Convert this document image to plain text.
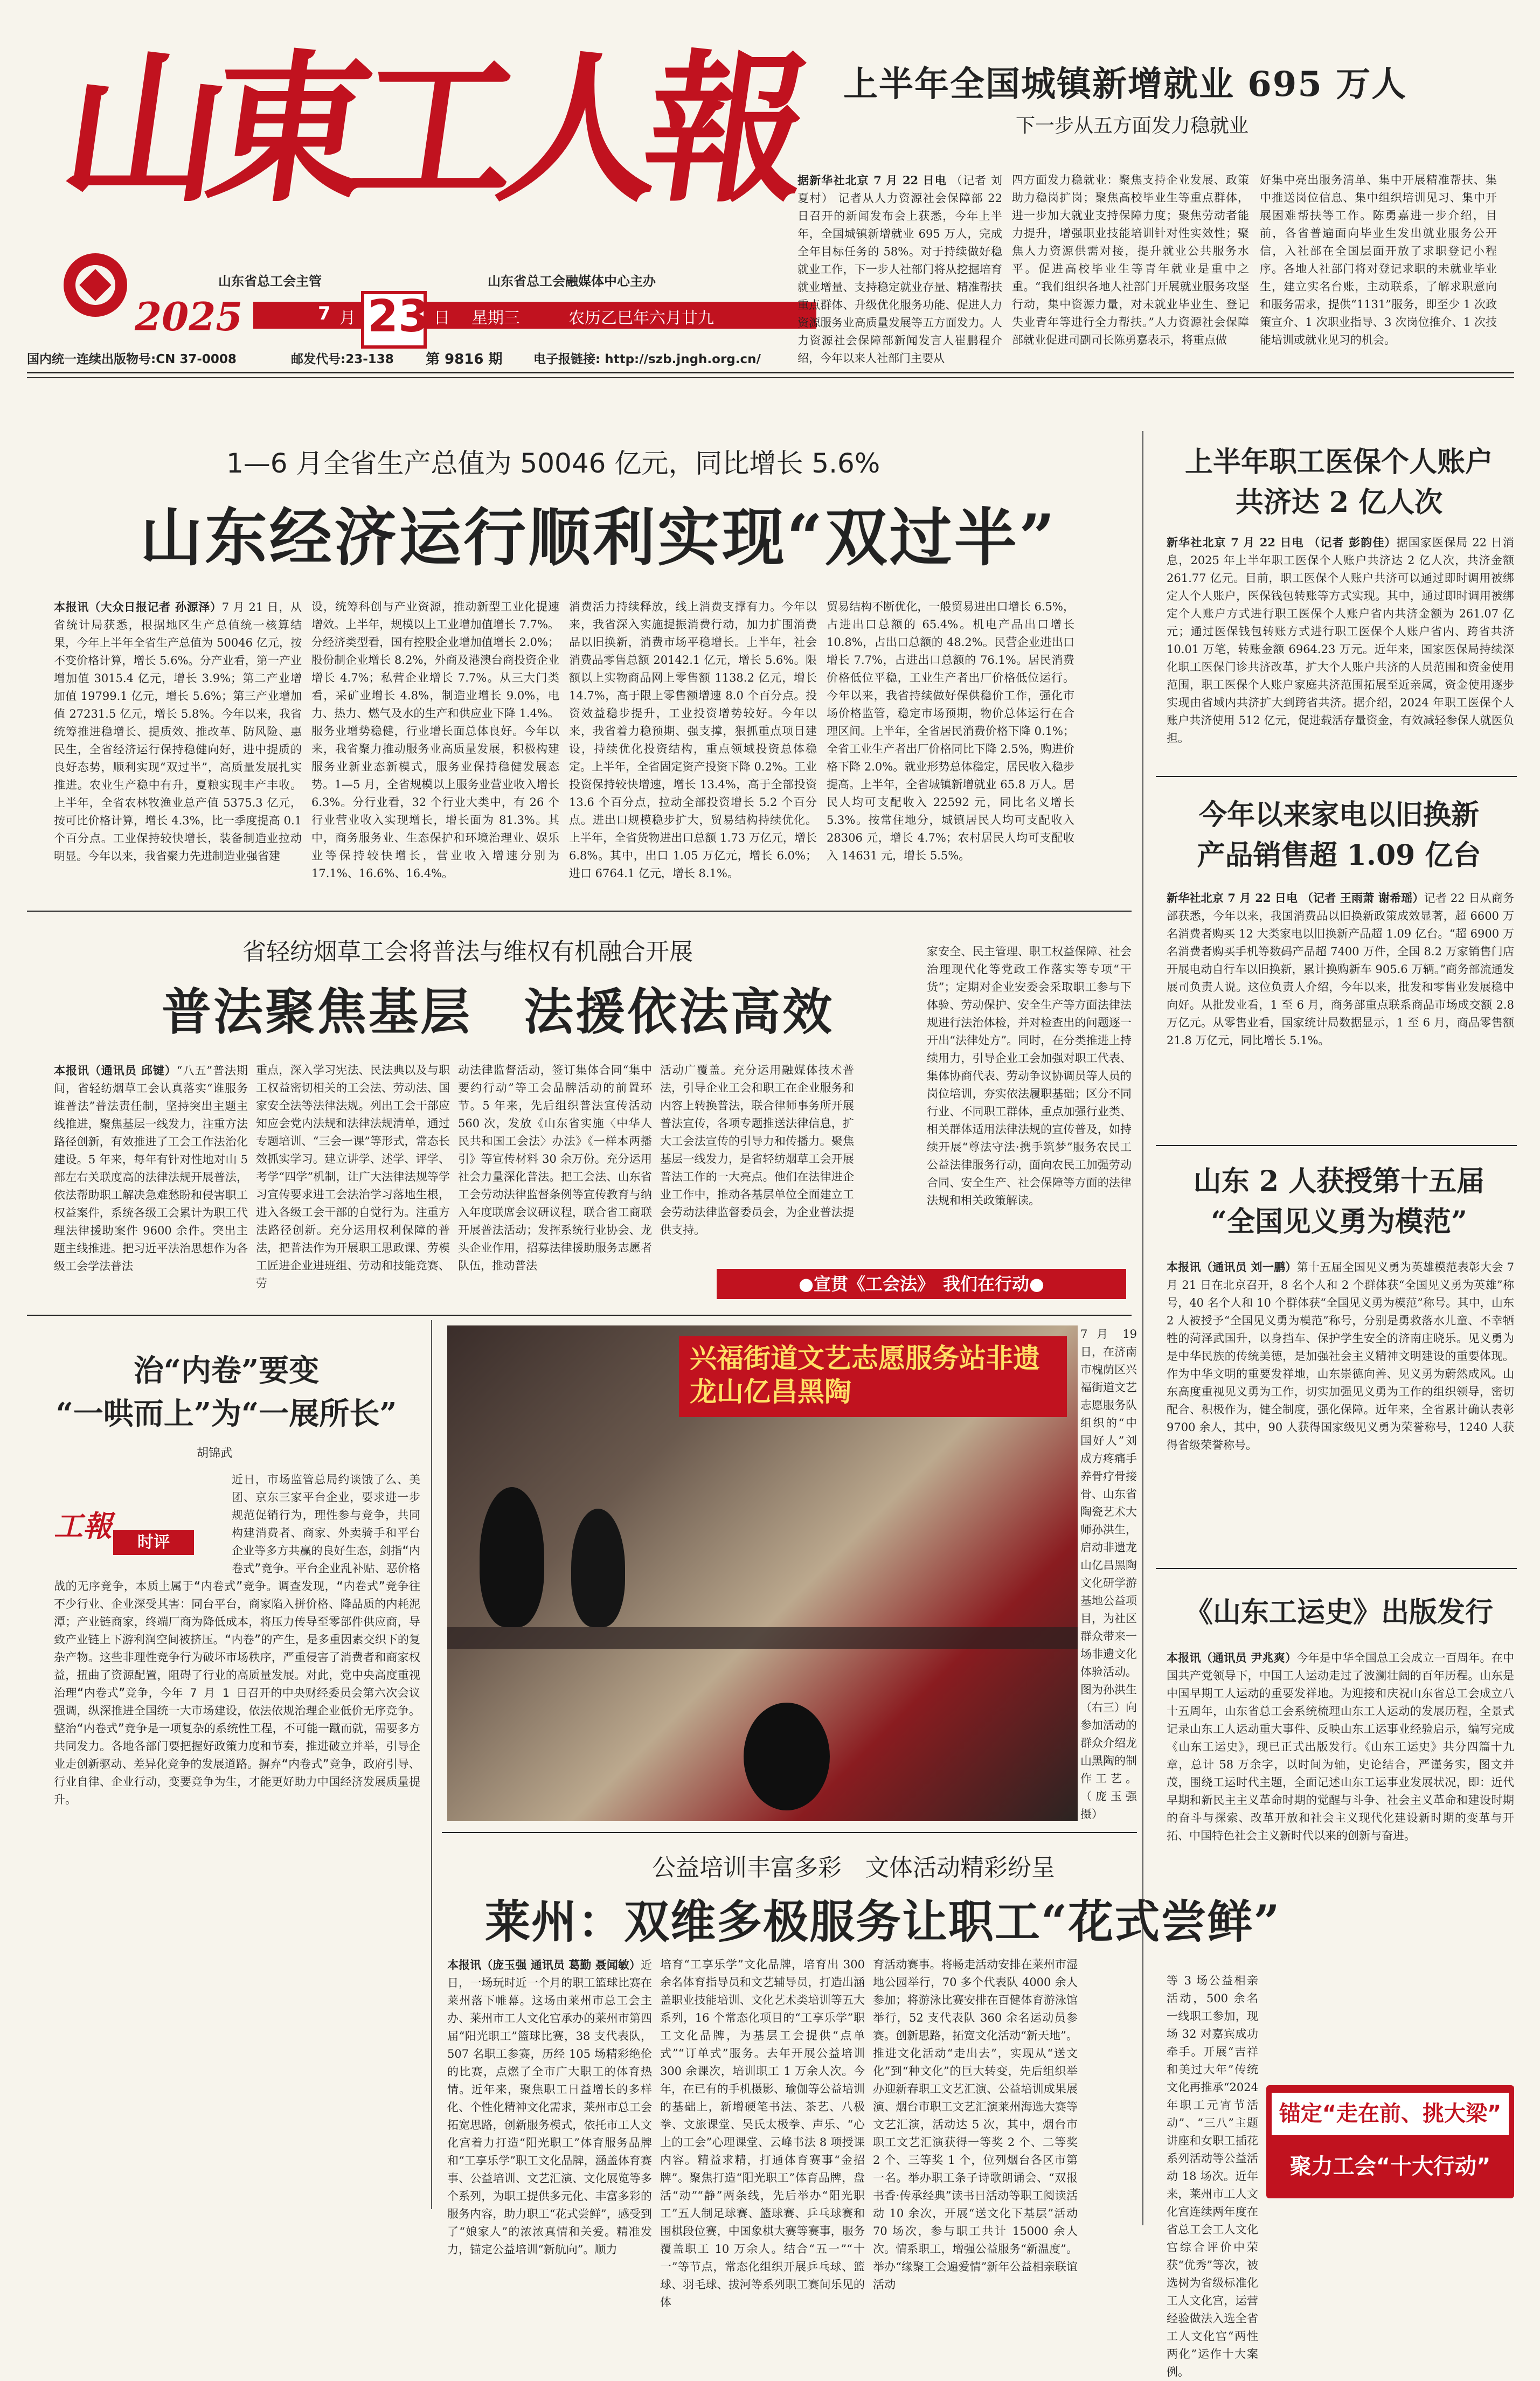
山東工人報
山东省总工会主管	山东省总工会融媒体中心主办
2025	7 月 23 日 星期三	农历乙巳年六月廿九
国内统一连续出版物号:CN 37-0008	邮发代号:23-138 第 9816 期	电子报链接: http://szb.jngh.org.cn/
上半年全国城镇新增就业 695 万人
下一步从五方面发力稳就业

据新华社北京 7 月 22 日电 （记者 刘夏村） 记者从人力资源社会保障部 22 日召开的新闻发布会上获悉，今年上半年，全国城镇新增就业 695 万人，完成全年目标任务的 58%。对于持续做好稳就业工作，下一步人社部门将从挖掘培育就业增量、支持稳定就业存量、精准帮扶重点群体、升级优化服务功能、促进人力资源服务业高质量发展等五方面发力。人力资源社会保障部新闻发言人崔鹏程介绍，今年以来人社部门主要从

四方面发力稳就业：聚焦支持企业发展、政策助力稳岗扩岗；聚焦高校毕业生等重点群体，进一步加大就业支持保障力度；聚焦劳动者能力提升，增强职业技能培训针对性实效性；聚焦人力资源供需对接，提升就业公共服务水平。促进高校毕业生等青年就业是重中之重。“我们组织各地人社部门开展就业服务攻坚行动，集中资源力量，对未就业毕业生、登记失业青年等进行全力帮扶。”人力资源社会保障部就业促进司副司长陈勇嘉表示，将重点做
好集中亮出服务清单、集中开展精准帮扶、集中推送岗位信息、集中组织培训见习、集中开展困难帮扶等工作。陈勇嘉进一步介绍，目前，各省普遍面向毕业生发出就业服务公开信，入社部在全国层面开放了求职登记小程序。各地人社部门将对登记求职的未就业毕业生，建立实名台账，主动联系，了解求职意向和服务需求，提供“1131”服务，即至少 1 次政策宣介、1 次职业指导、3 次岗位推介、1 次技能培训或就业见习的机会。
1—6 月全省生产总值为 50046 亿元，同比增长 5.6%
山东经济运行顺利实现“双过半”

本报讯（大众日报记者 孙源泽）7 月 21 日，从省统计局获悉，根据地区生产总值统一核算结果，今年上半年全省生产总值为 50046 亿元，按不变价格计算，增长 5.6%。分产业看，第一产业增加值 3015.4 亿元，增长 3.9%；第二产业增加值 19799.1 亿元，增长 5.6%；第三产业增加值 27231.5 亿元，增长 5.8%。今年以来，我省统筹推进稳增长、提质效、推改革、防风险、惠民生，全省经济运行保持稳健向好，进中提质的良好态势，顺利实现“双过半”，高质量发展扎实推进。农业生产稳中有升，夏粮实现丰产丰收。上半年，全省农林牧渔业总产值 5375.3 亿元，按可比价格计算，增长 4.3%，比一季度提高 0.1 个百分点。工业保持较快增长，装备制造业拉动明显。今年以来，我省聚力先进制造业强省建

设，统筹科创与产业资源，推动新型工业化提速增效。上半年，规模以上工业增加值增长 7.7%。分经济类型看，国有控股企业增加值增长 2.0%；股份制企业增长 8.2%，外商及港澳台商投资企业增长 4.7%；私营企业增长 7.7%。从三大门类看，采矿业增长 4.8%，制造业增长 9.0%，电力、热力、燃气及水的生产和供应业下降 1.4%。服务业增势稳健，行业增长面总体良好。今年以来，我省聚力推动服务业高质量发展，积极构建服务业新业态新模式，服务业保持稳健发展态势。1—5 月，全省规模以上服务业营业收入增长 6.3%。分行业看，32 个行业大类中，有 26 个行业营业收入实现增长，增长面为 81.3%。其中，商务服务业、生态保护和环境治理业、娱乐业等保持较快增长，营业收入增速分别为 17.1%、16.6%、16.4%。
消费活力持续释放，线上消费支撑有力。今年以来，我省深入实施提振消费行动，加力扩围消费品以旧换新，消费市场平稳增长。上半年，社会消费品零售总额 20142.1 亿元，增长 5.6%。限额以上实物商品网上零售额 1138.2 亿元，增长 14.7%，高于限上零售额增速 8.0 个百分点。投资效益稳步提升，工业投资增势较好。今年以来，我省着力稳预期、强支撑，狠抓重点项目建设，持续优化投资结构，重点领域投资总体稳定。上半年，全省固定资产投资下降 0.2%。工业投资保持较快增速，增长 13.4%，高于全部投资 13.6 个百分点，拉动全部投资增长 5.2 个百分点。进出口规模稳步扩大，贸易结构持续优化。上半年，全省货物进出口总额 1.73 万亿元，增长 6.8%。其中，出口 1.05 万亿元，增长 6.0%；进口 6764.1 亿元，增长 8.1%。
贸易结构不断优化，一般贸易进出口增长 6.5%，占进出口总额的 65.4%。机电产品出口增长 10.8%，占出口总额的 48.2%。民营企业进出口增长 7.7%，占进出口总额的 76.1%。居民消费价格低位平稳，工业生产者出厂价格低位运行。今年以来，我省持续做好保供稳价工作，强化市场价格监管，稳定市场预期，物价总体运行在合理区间。上半年，全省居民消费价格下降 0.1%；全省工业生产者出厂价格同比下降 2.5%，购进价格下降 2.0%。就业形势总体稳定，居民收入稳步提高。上半年，全省城镇新增就业 65.8 万人。居民人均可支配收入 22592 元，同比名义增长 5.3%。按常住地分，城镇居民人均可支配收入 28306 元，增长 4.7%；农村居民人均可支配收入 14631 元，增长 5.5%。
上半年职工医保个人账户
共济达 2 亿人次

新华社北京 7 月 22 日电 （记者 彭韵佳）据国家医保局 22 日消息，2025 年上半年职工医保个人账户共济达 2 亿人次，共济金额 261.77 亿元。目前，职工医保个人账户共济可以通过即时调用被绑定人个人账户，医保钱包转账等方式实现。其中，通过即时调用被绑定个人账户方式进行职工医保个人账户省内共济金额为 261.07 亿元；通过医保钱包转账方式进行职工医保个人账户省内、跨省共济 10.01 万笔，转账金额 6964.23 万元。近年来，国家医保局持续深化职工医保门诊共济改革，扩大个人账户共济的人员范围和资金使用范围，职工医保个人账户家庭共济范围拓展至近亲属，资金使用逐步实现由省域内共济扩大到跨省共济。据介绍，2024 年职工医保个人账户共济使用 512 亿元，促进载活存量资金，有效减轻参保人就医负担。

今年以来家电以旧换新
产品销售超 1.09 亿台

新华社北京 7 月 22 日电 （记者 王雨萧 谢希瑶）记者 22 日从商务部获悉，今年以来，我国消费品以旧换新政策成效显著，超 6600 万名消费者购买 12 大类家电以旧换新产品超 1.09 亿台。“超 6900 万名消费者购买手机等数码产品超 7400 万件，全国 8.2 万家销售门店开展电动自行车以旧换新，累计换购新车 905.6 万辆。”商务部流通发展司负责人说。这位负责人介绍，今年以来，批发和零售业发展稳中向好。从批发业看，1 至 6 月，商务部重点联系商品市场成交额 2.8 万亿元。从零售业看，国家统计局数据显示，1 至 6 月，商品零售额 21.8 万亿元，同比增长 5.1%。

山东 2 人获授第十五届
“全国见义勇为模范”

本报讯（通讯员 刘一鹏）第十五届全国见义勇为英雄模范表彰大会 7 月 21 日在北京召开，8 名个人和 2 个群体获“全国见义勇为英雄”称号，40 名个人和 10 个群体获“全国见义勇为模范”称号。其中，山东 2 人被授予“全国见义勇为模范”称号，分别是勇救落水儿童、不幸牺牲的菏泽武国升，以身挡车、保护学生安全的济南庄晓乐。见义勇为是中华民族的传统美德，是加强社会主义精神文明建设的重要体现。作为中华文明的重要发祥地，山东崇德向善、见义勇为蔚然成风。山东高度重视见义勇为工作，切实加强见义勇为工作的组织领导，密切配合、积极作为，健全制度，强化保障。近年来，全省累计确认表彰 9700 余人，其中，90 人获得国家级见义勇为荣誉称号，1240 人获得省级荣誉称号。

《山东工运史》出版发行

本报讯（通讯员 尹兆爽）今年是中华全国总工会成立一百周年。在中国共产党领导下，中国工人运动走过了波澜壮阔的百年历程。山东是中国早期工人运动的重要发祥地。为迎接和庆祝山东省总工会成立八十五周年，山东省总工会系统梳理山东工人运动的发展历程，全景式记录山东工人运动重大事件、反映山东工运事业经验启示，编写完成《山东工运史》，现已正式出版发行。《山东工运史》共分四篇十九章，总计 58 万余字，以时间为轴，史论结合，严谨务实，图文并茂，围绕工运时代主题，全面记述山东工运事业发展状况，即：近代早期和新民主主义革命时期的觉醒与斗争、社会主义革命和建设时期的奋斗与探索、改革开放和社会主义现代化建设新时期的变革与开拓、中国特色社会主义新时代以来的创新与奋进。

锚定“走在前、挑大梁”
聚力工会“十大行动”
省轻纺烟草工会将普法与维权有机融合开展
普法聚焦基层　法援依法高效

本报讯（通讯员 邱键）“八五”普法期间，省轻纺烟草工会认真落实“谁服务谁普法”普法责任制，坚持突出主题主线推进，聚焦基层一线发力，注重方法路径创新，有效推进了工会工作法治化建设。5 年来，每年有针对性地对山 5 部左右关联度高的法律法规开展普法，依法帮助职工解决急难愁盼和侵害职工权益案件，系统各级工会累计为职工代理法律援助案件 9600 余件。突出主题主线推进。把习近平法治思想作为各级工会学法普法

重点，深入学习宪法、民法典以及与职工权益密切相关的工会法、劳动法、国家安全法等法律法规。列出工会干部应知应会党内法规和法律法规清单，通过专题培训、“三会一课”等形式，常态长效抓实学习。建立讲学、述学、评学、考学“四学”机制，让广大法律法规等学习宣传要求进工会法治学习落地生根，进入各级工会干部的自觉行为。注重方法路径创新。充分运用权利保障的普法，把普法作为开展职工思政课、劳模工匠进企业进班组、劳动和技能竞赛、劳
动法律监督活动，签订集体合同“集中要约行动”等工会品牌活动的前置环节。5 年来，先后组织普法宣传活动 560 次，发放《山东省实施〈中华人民共和国工会法〉办法》《一样本两播引》等宣传材料 30 余万份。充分运用社会力量深化普法。把工会法、山东省工会劳动法律监督条例等宣传教育与纳入年度联席会议研议程，联合省工商联开展普法活动；发挥系统行业协会、龙头企业作用，招募法律援助服务志愿者队伍，推动普法
活动广覆盖。充分运用融媒体技术普法，引导企业工会和职工在企业服务和内容上转换普法，联合律师事务所开展普法宣传，各项专题推送法律信息，扩大工会法宣传的引导力和传播力。聚焦基层一线发力，是省轻纺烟草工会开展普法工作的一大亮点。他们在法律进企业工作中，推动各基层单位全面建立工会劳动法律监督委员会，为企业普法提供支持。
家安全、民主管理、职工权益保障、社会治理现代化等党政工作落实等专项“干货”；定期对企业安委会采取职工参与下体验、劳动保护、安全生产等方面法律法规进行法治体检，并对检查出的问题逐一开出“法律处方”。同时，在分类推进上持续用力，引导企业工会加强对职工代表、集体协商代表、劳动争议协调员等人员的岗位培训，夯实依法履职基础；区分不同行业、不同职工群体，重点加强行业类、相关群体适用法律法规的宣传普及，如持续开展“尊法守法·携手筑梦”服务农民工公益法律服务行动，面向农民工加强劳动合同、安全生产、社会保障等方面的法律法规和相关政策解读。
●宣贯《工会法》　我们在行动●
治“内卷”要变
“一哄而上”为“一展所长”
胡锦武
工報	时评
近日，市场监管总局约谈饿了么、美团、京东三家平台企业，要求进一步规范促销行为，理性参与竞争，共同构建消费者、商家、外卖骑手和平台企业等多方共赢的良好生态，剑指“内卷式”竞争。平台企业乱补贴、恶价格战的无序竞争，本质上属于“内卷式”竞争。调查发现，“内卷式”竞争往不少行业、企业深受其害：同台平台，商家陷入拼价格、降品质的内耗泥潭；产业链商家，终端厂商为降低成本，将压力传导至零部件供应商，导致产业链上下游利润空间被挤压。“内卷”的产生，是多重因素交织下的复杂产物。这些非理性竞争行为破坏市场秩序，严重侵害了消费者和商家权益，扭曲了资源配置，阻碍了行业的高质量发展。对此，党中央高度重视治理“内卷式”竞争，今年 7 月 1 日召开的中央财经委员会第六次会议强调，纵深推进全国统一大市场建设，依法依规治理企业低价无序竞争。整治“内卷式”竞争是一项复杂的系统性工程，不可能一蹴而就，需要多方共同发力。各地各部门要把握好政策力度和节奏，推进破立并举，引导企业走创新驱动、差异化竞争的发展道路。摒弃“内卷式”竞争，政府引导、行业自律、企业行动，变要竞争为生，才能更好助力中国经济发展质量提升。
兴福街道文艺志愿服务站非遗龙山亿昌黑陶
7 月 19 日，在济南市槐荫区兴福街道文艺志愿服务队组织的“中国好人”刘成方疼痛手养骨疗骨接骨、山东省陶瓷艺术大师孙洪生，启动非遗龙山亿昌黑陶文化研学游基地公益项目，为社区群众带来一场非遗文化体验活动。图为孙洪生（右三）向参加活动的群众介绍龙山黑陶的制作工艺。 （庞玉强 摄）
公益培训丰富多彩　文体活动精彩纷呈
莱州：双维多极服务让职工“花式尝鲜”

本报讯（庞玉强 通讯员 葛勤 聂闻敏）近日，一场玩时近一个月的职工篮球比赛在莱州落下帷幕。这场由莱州市总工会主办、莱州市工人文化宫承办的莱州市第四届“阳光职工”篮球比赛，38 支代表队，507 名职工参赛，历经 105 场精彩绝伦的比赛，点燃了全市广大职工的体育热情。近年来，聚焦职工日益增长的多样化、个性化精神文化需求，莱州市总工会拓宽思路，创新服务模式，依托市工人文化宫着力打造“阳光职工”体育服务品牌和“工享乐学”职工文化品牌，涵盖体育赛事、公益培训、文艺汇演、文化展览等多个系列，为职工提供多元化、丰富多彩的服务内容，助力职工“花式尝鲜”，感受到了“娘家人”的浓浓真情和关爱。精准发力，锚定公益培训“新航向”。顺力

培育“工享乐学”文化品牌，培育出 300 余名体育指导员和文艺辅导员，打造出涵盖职业技能培训、文化艺术类培训等五大系列，16 个常态化项目的“工享乐学”职工文化品牌，为基层工会提供“点单式”“订单式”服务。去年开展公益培训 300 余课次，培训职工 1 万余人次。今年，在已有的手机摄影、瑜伽等公益培训的基础上，新增硬笔书法、茶艺、八极拳、文旅课堂、吴氏太极拳、声乐、“心上的工会”心理课堂、云峰书法 8 项授课内容。精益求精，打通体育赛事“金招牌”。聚焦打造“阳光职工”体育品牌，盘活“动”“静”两条线，先后举办“阳光职工”五人制足球赛、篮球赛、乒乓球赛和围棋段位赛，中国象棋大赛等赛事，服务覆盖职工 10 万余人。结合“五一”“十一”等节点，常态化组织开展乒乓球、篮球、羽毛球、拔河等系列职工赛间乐见的体
育活动赛事。将畅走活动安排在莱州市湿地公园举行，70 多个代表队 4000 余人参加；将游泳比赛安排在百健体育游泳馆举行，52 支代表队 360 余名运动员参赛。创新思路，拓宽文化活动“新天地”。推进文化活动“走出去”，实现从“送文化”到“种文化”的巨大转变，先后组织举办迎新春职工文艺汇演、公益培训成果展演、烟台市职工文艺汇演莱州海选大赛等文艺汇演，活动达 5 次，其中，烟台市职工文艺汇演获得一等奖 2 个、二等奖 2 个、三等奖 1 个，位列烟台各区市第一名。举办职工条子诗歌朗诵会、“双报书香·传承经典”读书日活动等职工阅读活动 10 余次，开展“送文化下基层”活动 70 场次，参与职工共计 15000 余人次。情系职工，增强公益服务“新温度”。举办“缘聚工会遍爱情”新年公益相亲联谊活动
等 3 场公益相亲活动，500 余名一线职工参加，现场 32 对嘉宾成功牵手。开展“吉祥和美过大年”传统文化再推承“2024 年职工元宵节活动”、“三八”主题讲座和女职工插花系列活动等公益活动 18 场次。近年来，莱州市工人文化宫连续两年度在省总工会工人文化宫综合评价中荣获“优秀”等次，被选树为省级标准化工人文化宫，运营经验做法入选全省工人文化宫“两性两化”运作十大案例。
